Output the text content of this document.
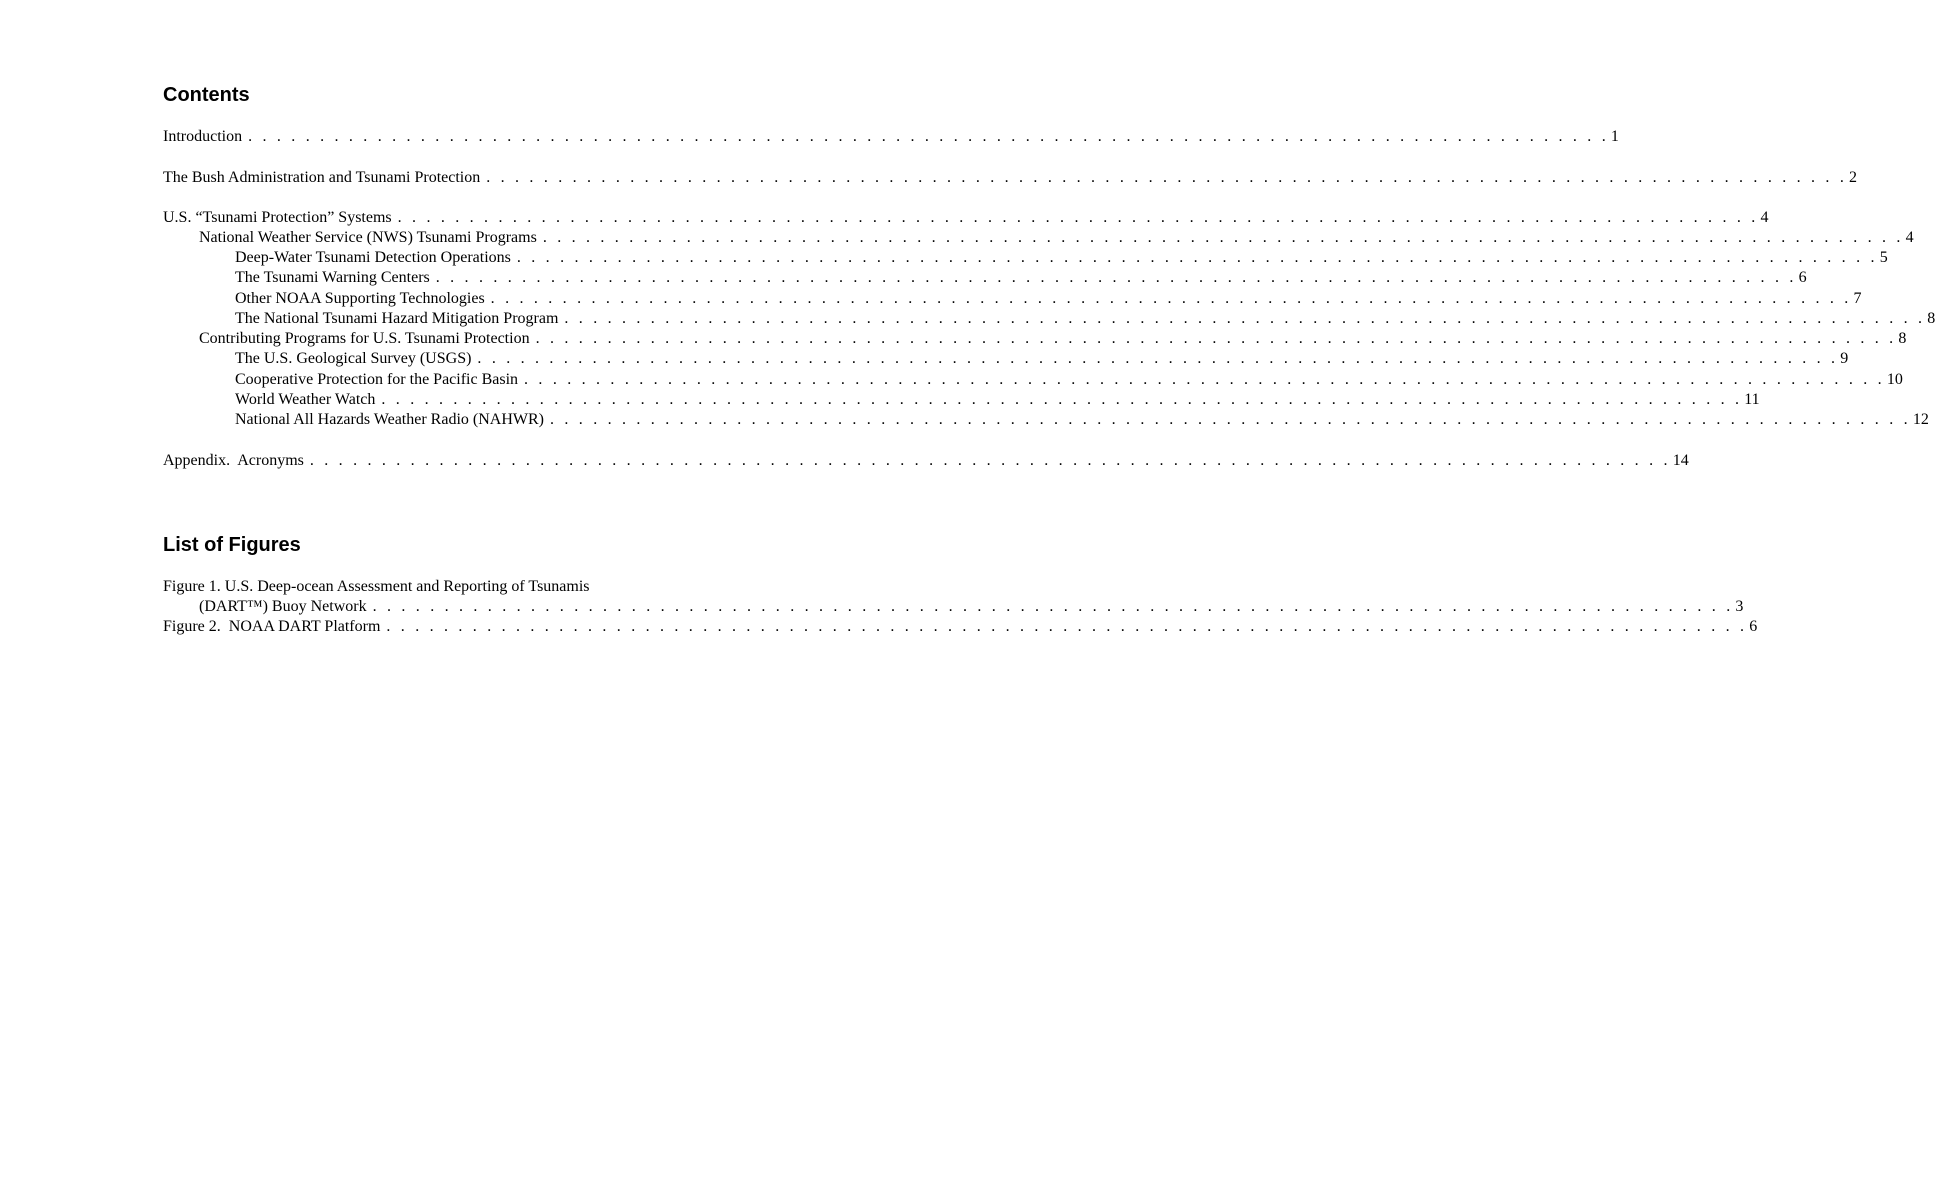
Contents
Introduction . . . . . . . . . . . . . . . . . . . . . . . . . . . . . . . . . . . . . . . . . . . . . . . . . . . . . . . . . . . . . . . . . . . . . . . . . . . . . . . . . . . . . . . . . . . . . . . 1
The Bush Administration and Tsunami Protection . . . . . . . . . . . . . . . . . . . . . . . . . . . . . . . . . . . . . . . . . . . . . . . . . . . . . . . . . . . . . . . . . . . . . . . . . . . . . . . . . . . . . . . . . . . . . . . 2
U.S. “Tsunami Protection” Systems . . . . . . . . . . . . . . . . . . . . . . . . . . . . . . . . . . . . . . . . . . . . . . . . . . . . . . . . . . . . . . . . . . . . . . . . . . . . . . . . . . . . . . . . . . . . . . . 4
National Weather Service (NWS) Tsunami Programs . . . . . . . . . . . . . . . . . . . . . . . . . . . . . . . . . . . . . . . . . . . . . . . . . . . . . . . . . . . . . . . . . . . . . . . . . . . . . . . . . . . . . . . . . . . . . . . 4
Deep-Water Tsunami Detection Operations . . . . . . . . . . . . . . . . . . . . . . . . . . . . . . . . . . . . . . . . . . . . . . . . . . . . . . . . . . . . . . . . . . . . . . . . . . . . . . . . . . . . . . . . . . . . . . . 5
The Tsunami Warning Centers . . . . . . . . . . . . . . . . . . . . . . . . . . . . . . . . . . . . . . . . . . . . . . . . . . . . . . . . . . . . . . . . . . . . . . . . . . . . . . . . . . . . . . . . . . . . . . . 6
Other NOAA Supporting Technologies . . . . . . . . . . . . . . . . . . . . . . . . . . . . . . . . . . . . . . . . . . . . . . . . . . . . . . . . . . . . . . . . . . . . . . . . . . . . . . . . . . . . . . . . . . . . . . . 7
The National Tsunami Hazard Mitigation Program . . . . . . . . . . . . . . . . . . . . . . . . . . . . . . . . . . . . . . . . . . . . . . . . . . . . . . . . . . . . . . . . . . . . . . . . . . . . . . . . . . . . . . . . . . . . . . . 8
Contributing Programs for U.S. Tsunami Protection . . . . . . . . . . . . . . . . . . . . . . . . . . . . . . . . . . . . . . . . . . . . . . . . . . . . . . . . . . . . . . . . . . . . . . . . . . . . . . . . . . . . . . . . . . . . . . . 8
The U.S. Geological Survey (USGS) . . . . . . . . . . . . . . . . . . . . . . . . . . . . . . . . . . . . . . . . . . . . . . . . . . . . . . . . . . . . . . . . . . . . . . . . . . . . . . . . . . . . . . . . . . . . . . . 9
Cooperative Protection for the Pacific Basin . . . . . . . . . . . . . . . . . . . . . . . . . . . . . . . . . . . . . . . . . . . . . . . . . . . . . . . . . . . . . . . . . . . . . . . . . . . . . . . . . . . . . . . . . . . . . . . 10
World Weather Watch . . . . . . . . . . . . . . . . . . . . . . . . . . . . . . . . . . . . . . . . . . . . . . . . . . . . . . . . . . . . . . . . . . . . . . . . . . . . . . . . . . . . . . . . . . . . . . . 11
National All Hazards Weather Radio (NAHWR) . . . . . . . . . . . . . . . . . . . . . . . . . . . . . . . . . . . . . . . . . . . . . . . . . . . . . . . . . . . . . . . . . . . . . . . . . . . . . . . . . . . . . . . . . . . . . . . 12
Appendix.  Acronyms . . . . . . . . . . . . . . . . . . . . . . . . . . . . . . . . . . . . . . . . . . . . . . . . . . . . . . . . . . . . . . . . . . . . . . . . . . . . . . . . . . . . . . . . . . . . . . . 14
List of Figures
Figure 1. U.S. Deep-ocean Assessment and Reporting of Tsunamis
(DART™) Buoy Network . . . . . . . . . . . . . . . . . . . . . . . . . . . . . . . . . . . . . . . . . . . . . . . . . . . . . . . . . . . . . . . . . . . . . . . . . . . . . . . . . . . . . . . . . . . . . . . 3
Figure 2.  NOAA DART Platform . . . . . . . . . . . . . . . . . . . . . . . . . . . . . . . . . . . . . . . . . . . . . . . . . . . . . . . . . . . . . . . . . . . . . . . . . . . . . . . . . . . . . . . . . . . . . . . 6
